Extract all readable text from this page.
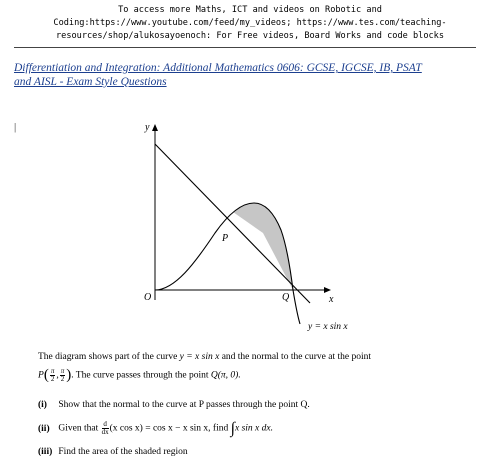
To access more Maths, ICT and videos on Robotic and
Coding:https://www.youtube.com/feed/my_videos; https://www.tes.com/teaching-
resources/shop/alukosayoenoch: For Free videos, Board Works and code blocks
Differentiation and Integration: Additional Mathematics 0606: GCSE, IGCSE, IB, PSAT
and AISL - Exam Style Questions
|	y
x
O
P
Q
y = x sin x
The diagram shows part of the curve y = x sin x and the normal to the curve at the point
$P( \frac{\pi}{2}$ , $\frac{\pi}{2}$ ). The curve passes through the point Q(π, 0).
(i) Show that the normal to the curve at P passes through the point Q.
(ii) Given that $\frac{d}{dx} (x$ cos x) = cos x − x sin x, find ∫x sin x dx.
(iii) Find the area of the shaded region
